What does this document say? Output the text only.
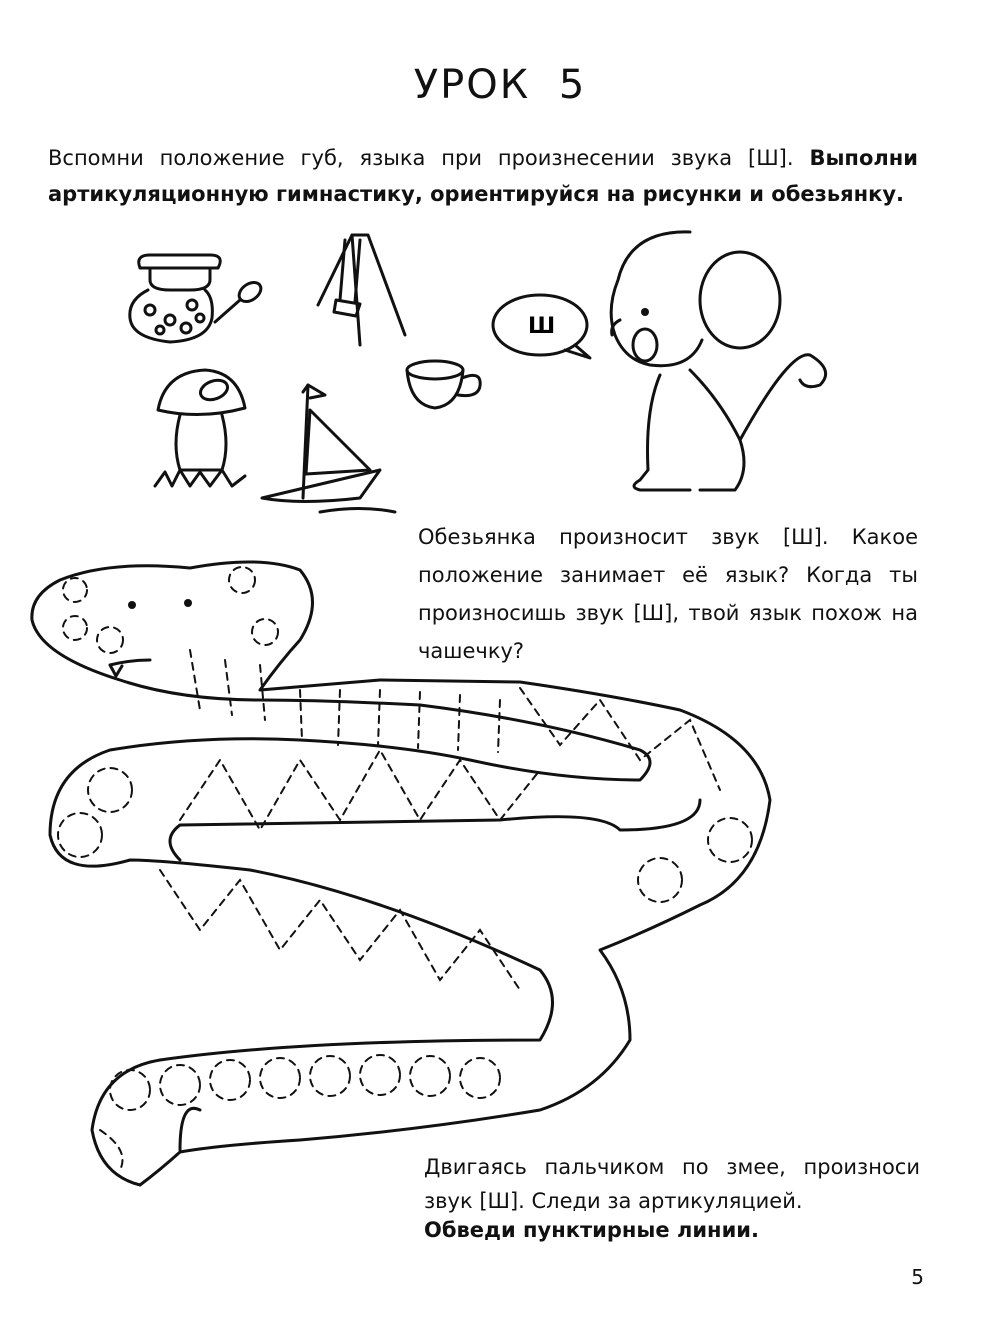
УРОК 5
Вспомни положение губ, языка при произнесении звука [Ш]. Выполни артикуляционную гимнастику, ориентируйся на рисунки и обезьянку.
Ш
Обезьянка произносит звук [Ш]. Какое положение занимает её язык? Когда ты произносишь звук [Ш], твой язык похож на чашечку?
Двигаясь пальчиком по змее, произноси звук [Ш]. Следи за артикуляцией.
Обведи пунктирные линии.
5
